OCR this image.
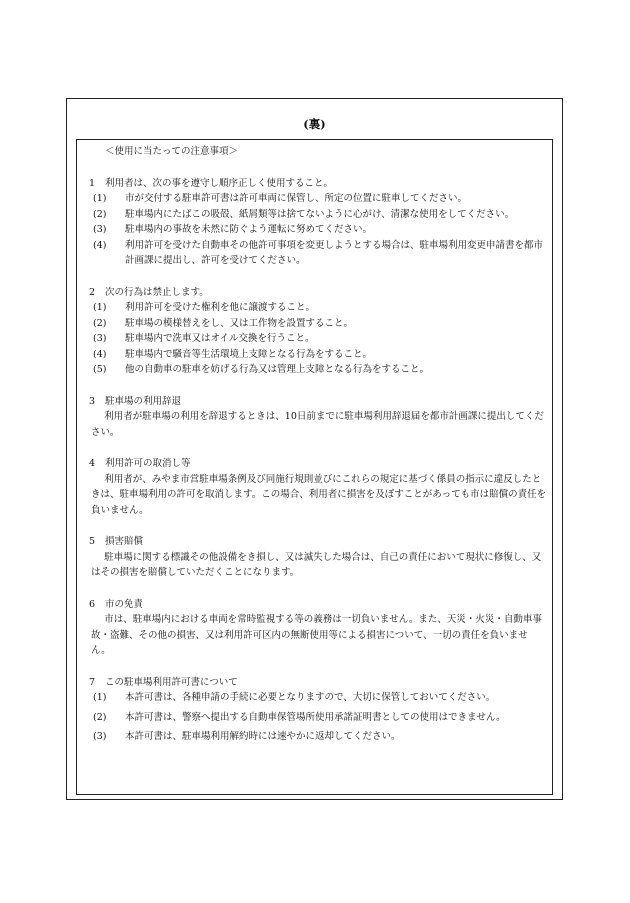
(裏)
＜使用に当たっての注意事項＞
1 利用者は、次の事を遵守し順序正しく使用すること。
(1) 市が交付する駐車許可書は許可車両に保管し、所定の位置に駐車してください。
(2) 駐車場内にたばこの吸殻、紙屑類等は捨てないように心がけ、清潔な使用をしてください。
(3) 駐車場内の事故を未然に防ぐよう運転に努めてください。
(4) 利用許可を受けた自動車その他許可事項を変更しようとする場合は、駐車場利用変更申請書を都市計画課に提出し、許可を受けてください。
2 次の行為は禁止します。
(1) 利用許可を受けた権利を他に譲渡すること。
(2) 駐車場の模様替えをし、又は工作物を設置すること。
(3) 駐車場内で洗車又はオイル交換を行うこと。
(4) 駐車場内で騒音等生活環境上支障となる行為をすること。
(5) 他の自動車の駐車を妨げる行為又は管理上支障となる行為をすること。
3 駐車場の利用辞退
利用者が駐車場の利用を辞退するときは、10日前までに駐車場利用辞退届を都市計画課に提出してください。
4 利用許可の取消し等
利用者が、みやま市営駐車場条例及び同施行規則並びにこれらの規定に基づく係員の指示に違反したときは、駐車場利用の許可を取消します。この場合、利用者に損害を及ぼすことがあっても市は賠償の責任を負いません。
5 損害賠償
駐車場に関する標識その他設備をき損し、又は滅失した場合は、自己の責任において現状に修復し、又はその損害を賠償していただくことになります。
6 市の免責
市は、駐車場内における車両を常時監視する等の義務は一切負いません。また、天災・火災・自動車事故・盗難、その他の損害、又は利用許可区内の無断使用等による損害について、一切の責任を負いません。
7 この駐車場利用許可書について
(1) 本許可書は、各種申請の手続に必要となりますので、大切に保管しておいてください。
(2) 本許可書は、警察へ提出する自動車保管場所使用承諾証明書としての使用はできません。
(3) 本許可書は、駐車場利用解約時には速やかに返却してください。
